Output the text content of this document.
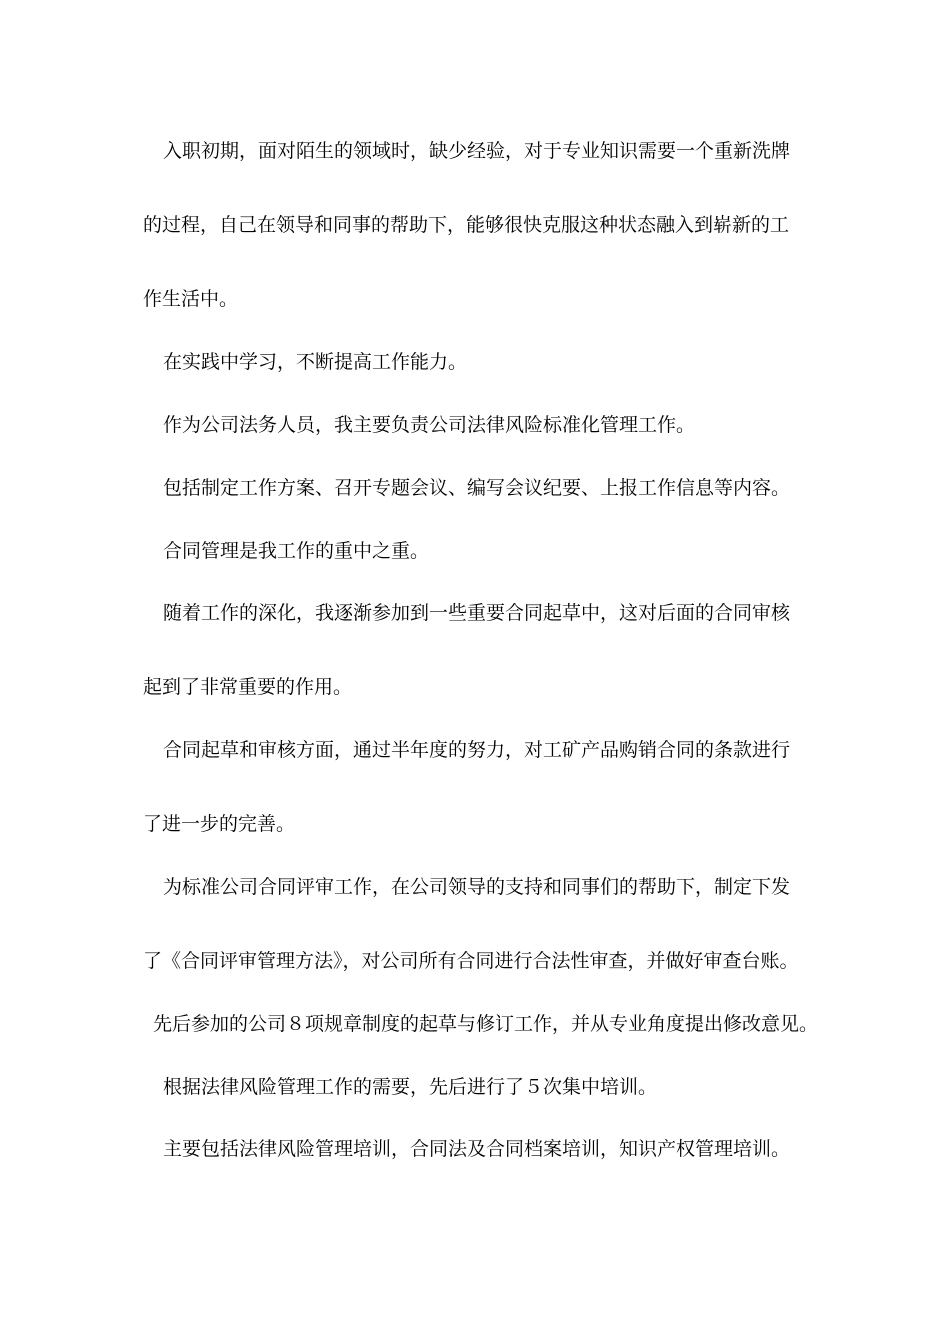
入职初期，面对陌生的领域时，缺少经验，对于专业知识需要一个重新洗牌
的过程，自己在领导和同事的帮助下，能够很快克服这种状态融入到崭新的工
作生活中。
在实践中学习，不断提高工作能力。
作为公司法务人员，我主要负责公司法律风险标准化管理工作。
包括制定工作方案、召开专题会议、编写会议纪要、上报工作信息等内容。
合同管理是我工作的重中之重。
随着工作的深化，我逐渐参加到一些重要合同起草中，这对后面的合同审核
起到了非常重要的作用。
合同起草和审核方面，通过半年度的努力，对工矿产品购销合同的条款进行
了进一步的完善。
为标准公司合同评审工作，在公司领导的支持和同事们的帮助下，制定下发
了《合同评审管理方法》，对公司所有合同进行合法性审查，并做好审查台账。
先后参加的公司８项规章制度的起草与修订工作，并从专业角度提出修改意见。
根据法律风险管理工作的需要，先后进行了５次集中培训。
主要包括法律风险管理培训，合同法及合同档案培训，知识产权管理培训。
